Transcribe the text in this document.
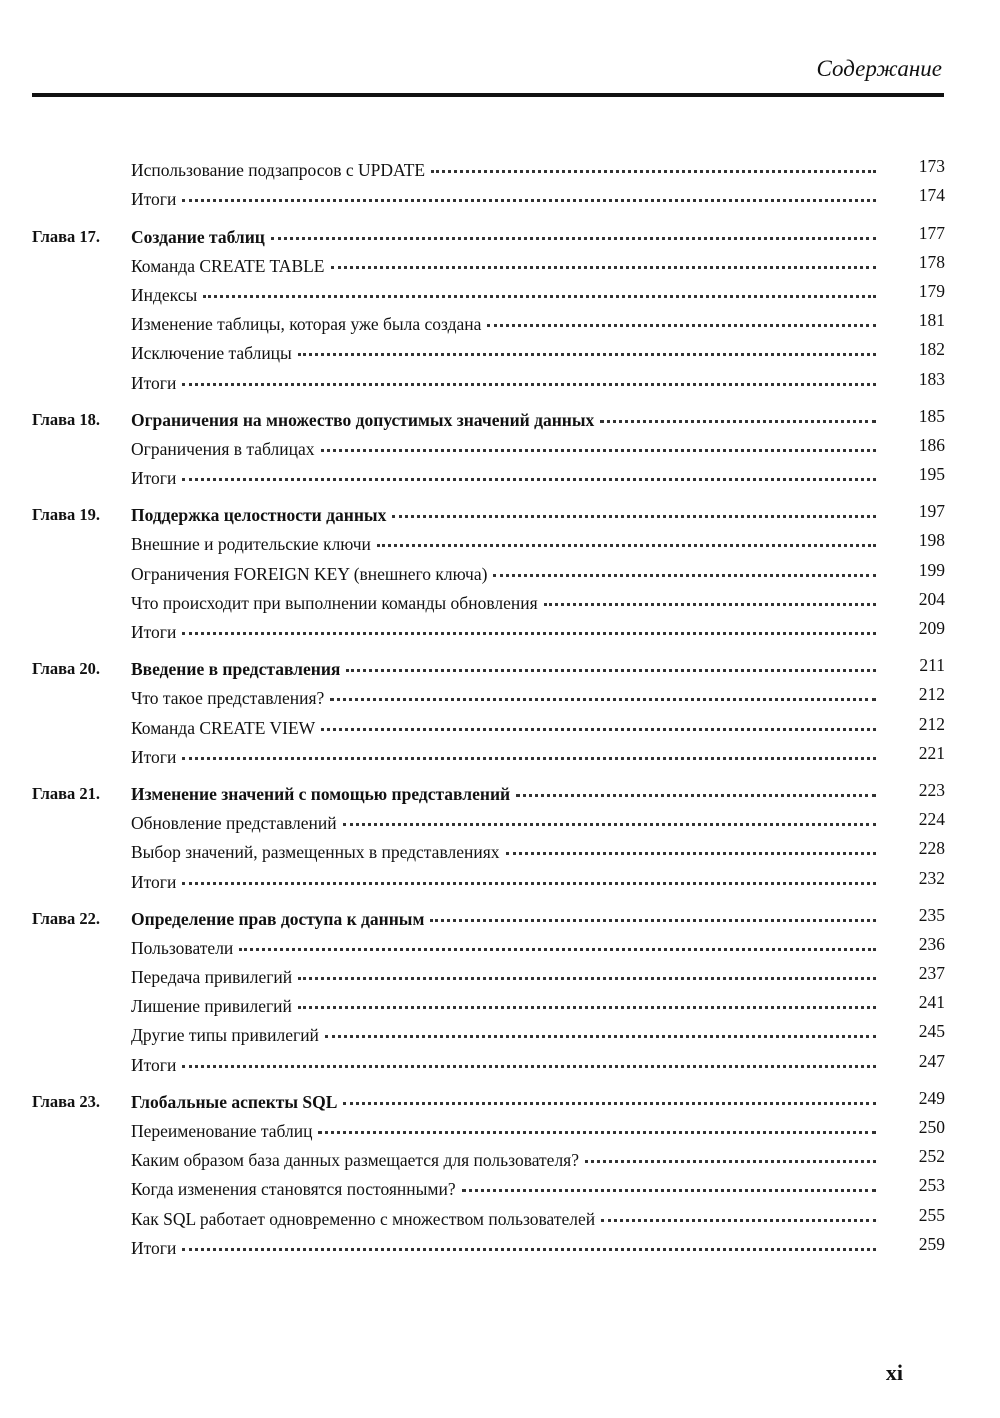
Содержание
Использование подзапросов с UPDATE	173
Итоги	174
Глава 17. Создание таблиц	177
Команда CREATE TABLE	178
Индексы	179
Изменение таблицы, которая уже была создана	181
Исключение таблицы	182
Итоги	183
Глава 18. Ограничения на множество допустимых значений данных	185
Ограничения в таблицах	186
Итоги	195
Глава 19. Поддержка целостности данных	197
Внешние и родительские ключи	198
Ограничения FOREIGN KEY (внешнего ключа)	199
Что происходит при выполнении команды обновления	204
Итоги	209
Глава 20. Введение в представления	211
Что такое представления?	212
Команда CREATE VIEW	212
Итоги	221
Глава 21. Изменение значений с помощью представлений	223
Обновление представлений	224
Выбор значений, размещенных в представлениях	228
Итоги	232
Глава 22. Определение прав доступа к данным	235
Пользователи	236
Передача привилегий	237
Лишение привилегий	241
Другие типы привилегий	245
Итоги	247
Глава 23. Глобальные аспекты SQL	249
Переименование таблиц	250
Каким образом база данных размещается для пользователя?	252
Когда изменения становятся постоянными?	253
Как SQL работает одновременно с множеством пользователей	255
Итоги	259
xi
